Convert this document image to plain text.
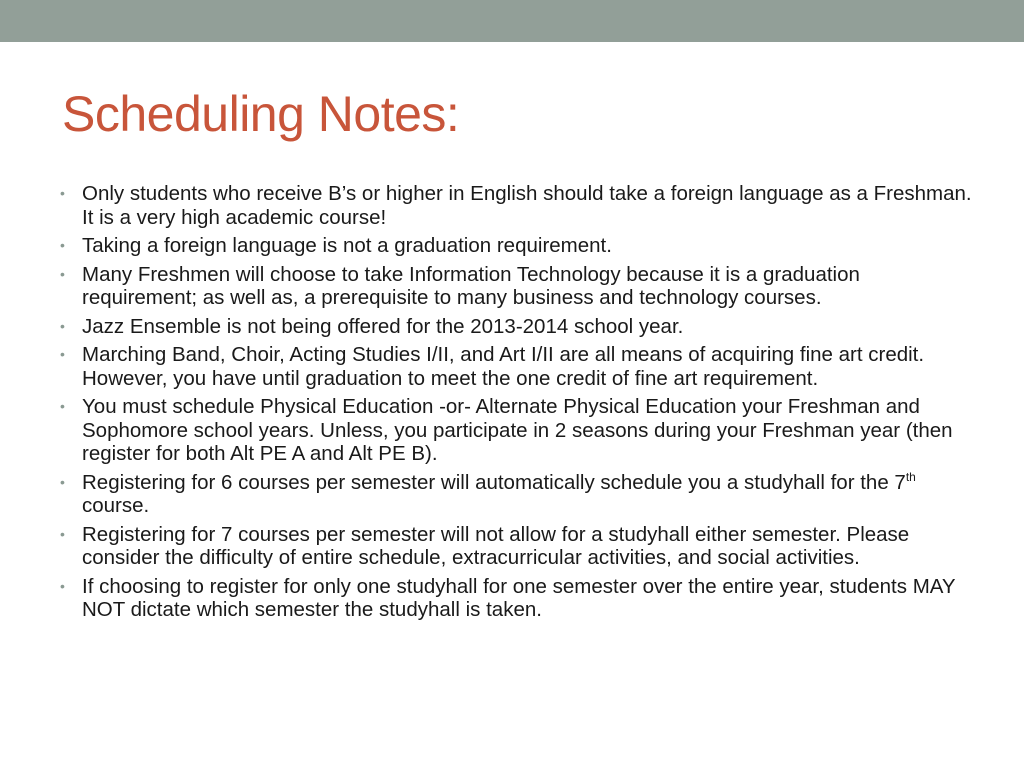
Scheduling Notes:
• Only students who receive B’s or higher in English should take a foreign language as a Freshman. It is a very high academic course!
• Taking a foreign language is not a graduation requirement.
• Many Freshmen will choose to take Information Technology because it is a graduation requirement; as well as, a prerequisite to many business and technology courses.
• Jazz Ensemble is not being offered for the 2013-2014 school year.
• Marching Band, Choir, Acting Studies I/II, and Art I/II are all means of acquiring fine art credit. However, you have until graduation to meet the one credit of fine art requirement.
• You must schedule Physical Education -or- Alternate Physical Education your Freshman and Sophomore school years. Unless, you participate in 2 seasons during your Freshman year (then register for both Alt PE A and Alt PE B).
• Registering for 6 courses per semester will automatically schedule you a studyhall for the 7th course.
• Registering for 7 courses per semester will not allow for a studyhall either semester. Please consider the difficulty of entire schedule, extracurricular activities, and social activities.
• If choosing to register for only one studyhall for one semester over the entire year, students MAY NOT dictate which semester the studyhall is taken.
